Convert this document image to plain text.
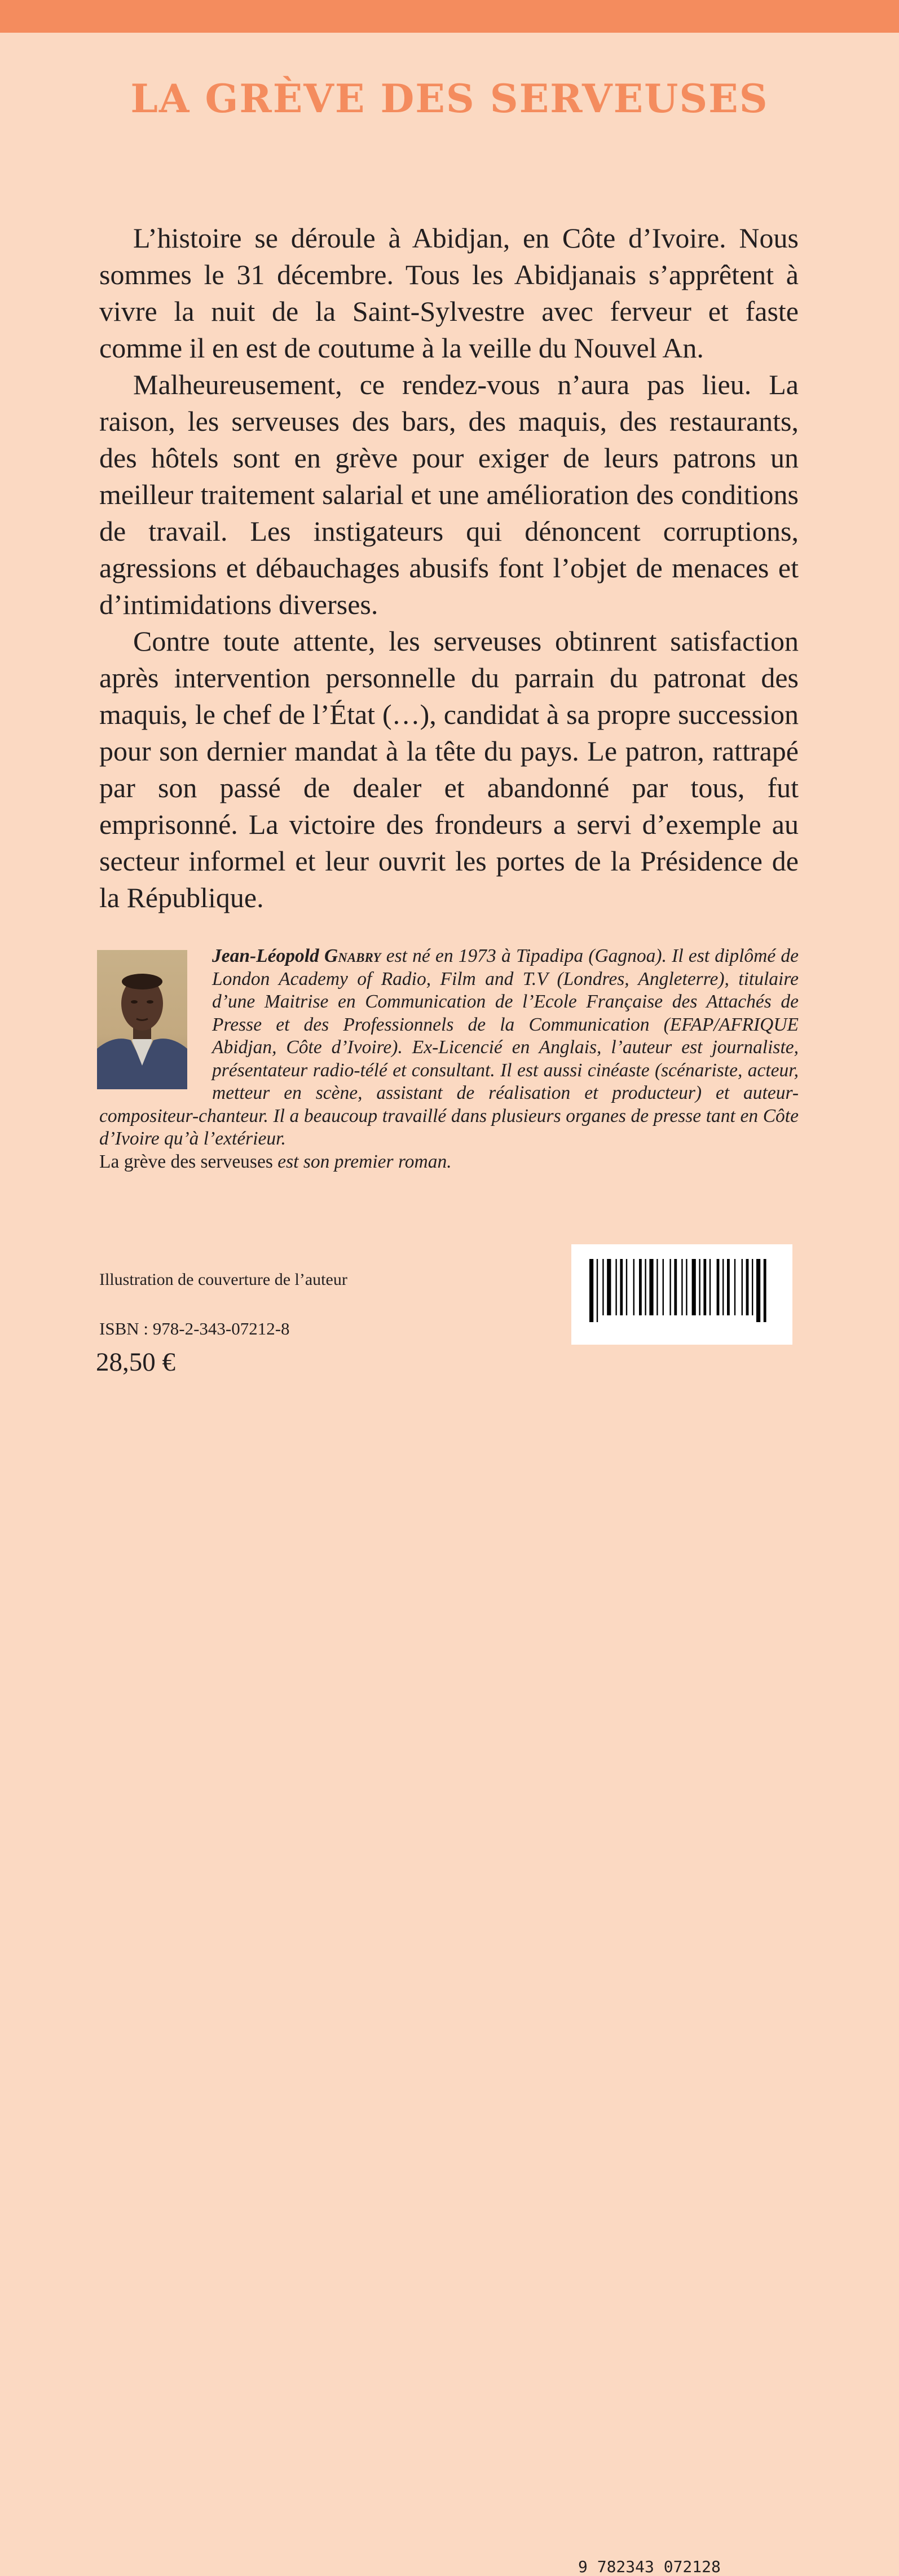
LA GRÈVE DES SERVEUSES

L’histoire se déroule à Abidjan, en Côte d’Ivoire. Nous sommes le 31 décembre. Tous les Abidjanais s’apprêtent à vivre la nuit de la Saint-Sylvestre avec ferveur et faste comme il en est de coutume à la veille du Nouvel An.

Malheureusement, ce rendez-vous n’aura pas lieu. La raison, les serveuses des bars, des maquis, des restaurants, des hôtels sont en grève pour exiger de leurs patrons un meilleur traitement salarial et une amélioration des conditions de travail. Les instigateurs qui dénoncent corruptions, agressions et débauchages abusifs font l’objet de menaces et d’intimidations diverses.

Contre toute attente, les serveuses obtinrent satisfaction après intervention personnelle du parrain du patronat des maquis, le chef de l’État (…), candidat à sa propre succession pour son dernier mandat à la tête du pays. Le patron, rattrapé par son passé de dealer et abandonné par tous, fut emprisonné. La victoire des frondeurs a servi d’exemple au secteur informel et leur ouvrit les portes de la Présidence de la République.

Jean-Léopold Gnabry est né en 1973 à Tipadipa (Gagnoa). Il est diplômé de London Academy of Radio, Film and T.V (Londres, Angleterre), titulaire d’une Maitrise en Communication de l’Ecole Française des Attachés de Presse et des Professionnels de la Communication (EFAP/AFRIQUE Abidjan, Côte d’Ivoire). Ex-Licencié en Anglais, l’auteur est journaliste, présentateur radio-télé et consultant. Il est aussi cinéaste (scénariste, acteur, metteur en scène, assistant de réalisation et producteur) et auteur-compositeur-chanteur. Il a beaucoup travaillé dans plusieurs organes de presse tant en Côte d’Ivoire qu’à l’extérieur.
La grève des serveuses est son premier roman.
Illustration de couverture de l’auteur
ISBN : 978-2-343-07212-8
28,50 €
9 782343 072128
